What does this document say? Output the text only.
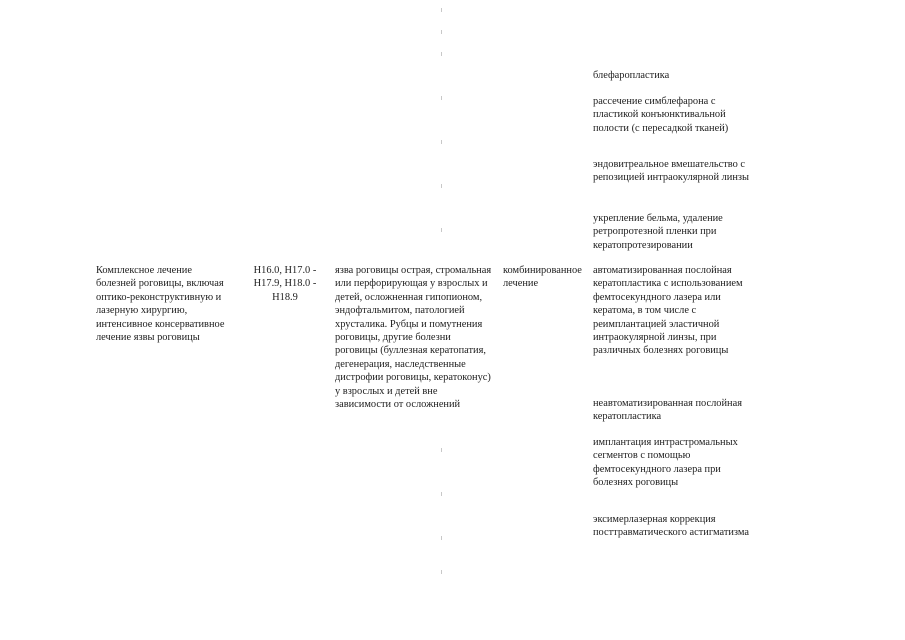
блефаропластика

рассечение симблефарона с пластикой конъюнктивальной полости (с пересадкой тканей)

эндовитреальное вмешательство с репозицией интраокулярной линзы

укрепление бельма, удаление ретропротезной пленки при кератопротезировании

Комплексное лечение болезней роговицы, включая оптико-реконструктивную и лазерную хирургию, интенсивное консервативное лечение язвы роговицы

H16.0, H17.0 - H17.9, H18.0 - H18.9

язва роговицы острая, стромальная или перфорирующая у взрослых и детей, осложненная гипопионом, эндофтальмитом, патологией хрусталика. Рубцы и помутнения роговицы, другие болезни роговицы (буллезная кератопатия, дегенерация, наследственные дистрофии роговицы, кератоконус) у взрослых и детей вне зависимости от осложнений

комбинированное лечение

автоматизированная послойная кератопластика с использованием фемтосекундного лазера или кератома, в том числе с реимплантацией эластичной интраокулярной линзы, при различных болезнях роговицы

неавтоматизированная послойная кератопластика

имплантация интрастромальных сегментов с помощью фемтосекундного лазера при болезнях роговицы

эксимерлазерная коррекция посттравматического астигматизма
